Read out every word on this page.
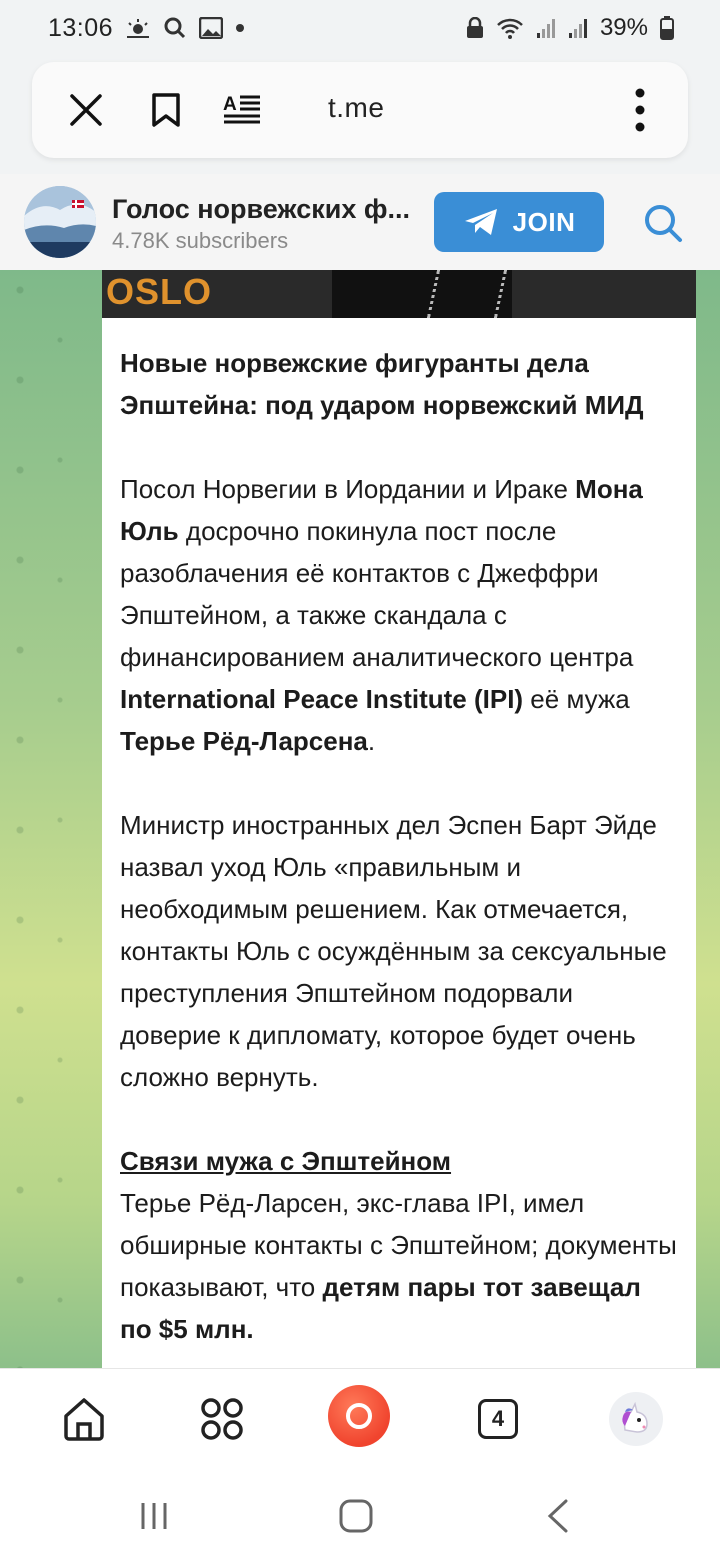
13:06	39%
A	t.me
Голос норвежских ф...
4.78K subscribers
JOIN
OSLO

Новые норвежские фигуранты дела Эпштейна: под ударом норвежский МИД

Посол Норвегии в Иордании и Ираке Мона Юль досрочно покинула пост после разоблачения её контактов с Джеффри Эпштейном, а также скандала с финансированием аналитического центра International Peace Institute (IPI) её мужа Терье Рёд-Ларсена.

Министр иностранных дел Эспен Барт Эйде назвал уход Юль «правильным и необходимым решением. Как отмечается, контакты Юль с осуждённым за сексуальные преступления Эпштейном подорвали доверие к дипломату, которое будет очень сложно вернуть.

Связи мужа с Эпштейном
Терье Рёд-Ларсен, экс-глава IPI, имел обширные контакты с Эпштейном; документы показывают, что детям пары тот завещал по $5 млн.
4
